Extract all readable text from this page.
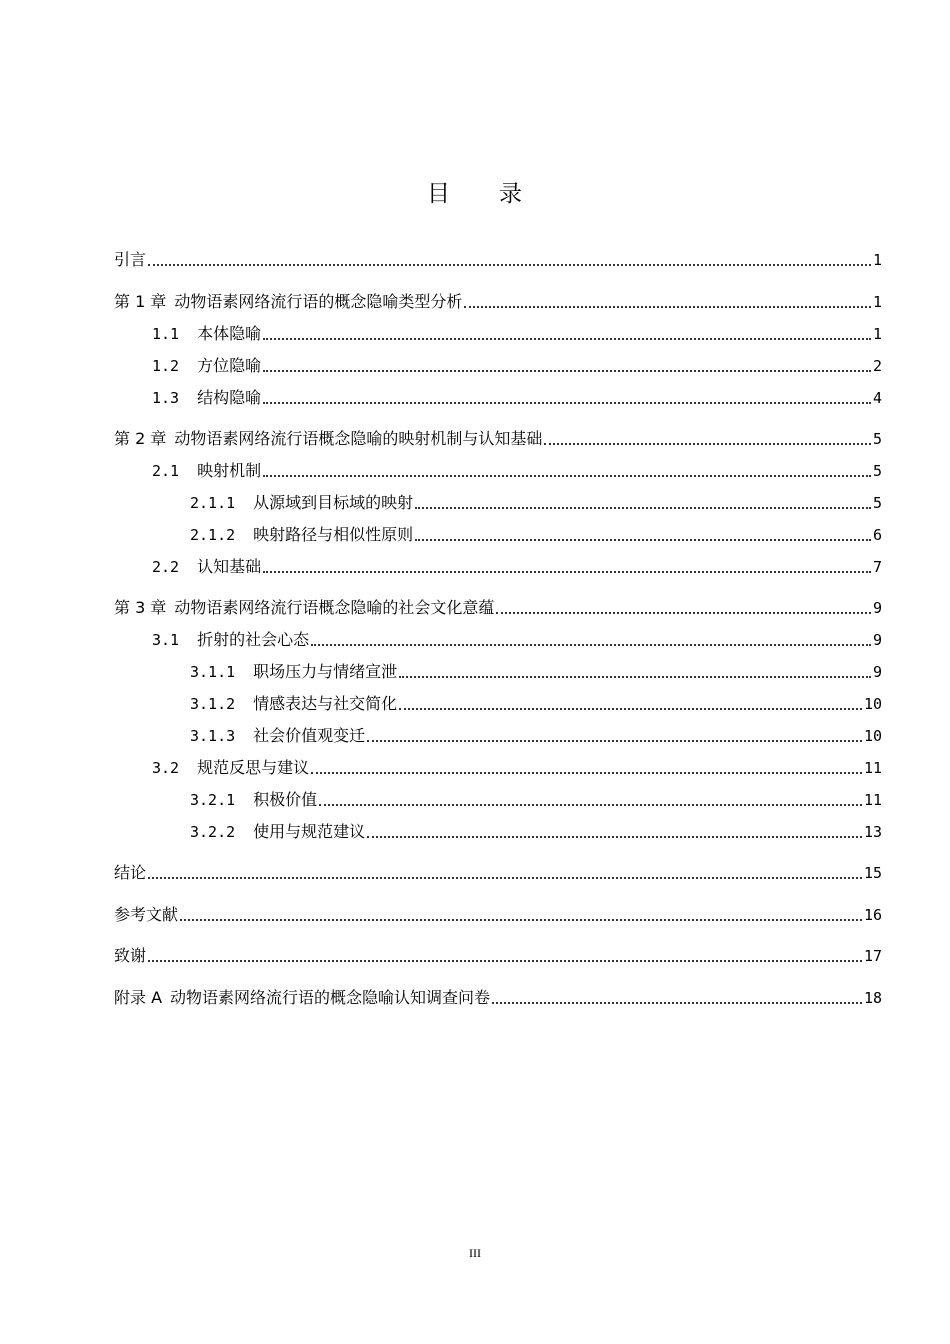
目 录
引言	1
第 1 章 动物语素网络流行语的概念隐喻类型分析	1
1.1 本体隐喻	1
1.2 方位隐喻	2
1.3 结构隐喻	4
第 2 章 动物语素网络流行语概念隐喻的映射机制与认知基础	5
2.1 映射机制	5
2.1.1 从源域到目标域的映射	5
2.1.2 映射路径与相似性原则	6
2.2 认知基础	7
第 3 章 动物语素网络流行语概念隐喻的社会文化意蕴	9
3.1 折射的社会心态	9
3.1.1 职场压力与情绪宣泄	9
3.1.2 情感表达与社交简化	10
3.1.3 社会价值观变迁	10
3.2 规范反思与建议	11
3.2.1 积极价值	11
3.2.2 使用与规范建议	13
结论	15
参考文献	16
致谢	17
附录 A 动物语素网络流行语的概念隐喻认知调查问卷	18
III
